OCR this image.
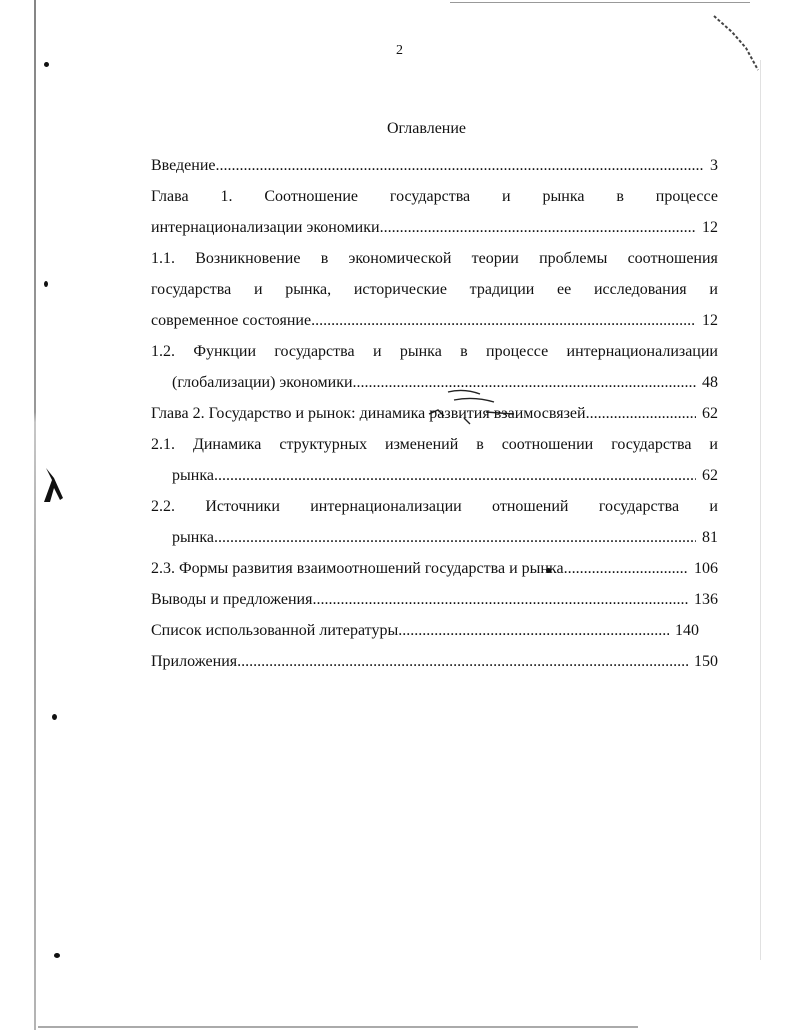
2
Оглавление
Введение .....	3
Глава 1. Соотношение государства и рынка в процессе
интернационализации экономики .....	12
1.1. Возникновение в экономической теории проблемы соотношения
государства и рынка, исторические традиции ее исследования и
современное состояние .....	12
1.2. Функции государства и рынка в процессе интернационализации
(глобализации) экономики .....	48
Глава 2. Государство и рынок: динамика развития взаимосвязей .....	62
2.1. Динамика структурных изменений в соотношении государства и
рынка .....	62
2.2. Источники интернационализации отношений государства и
рынка .....	81
2.3. Формы развития взаимоотношений государства и рынка .....	106
Выводы и предложения .....	136
Список использованной литературы .....	140
Приложения .....	150
